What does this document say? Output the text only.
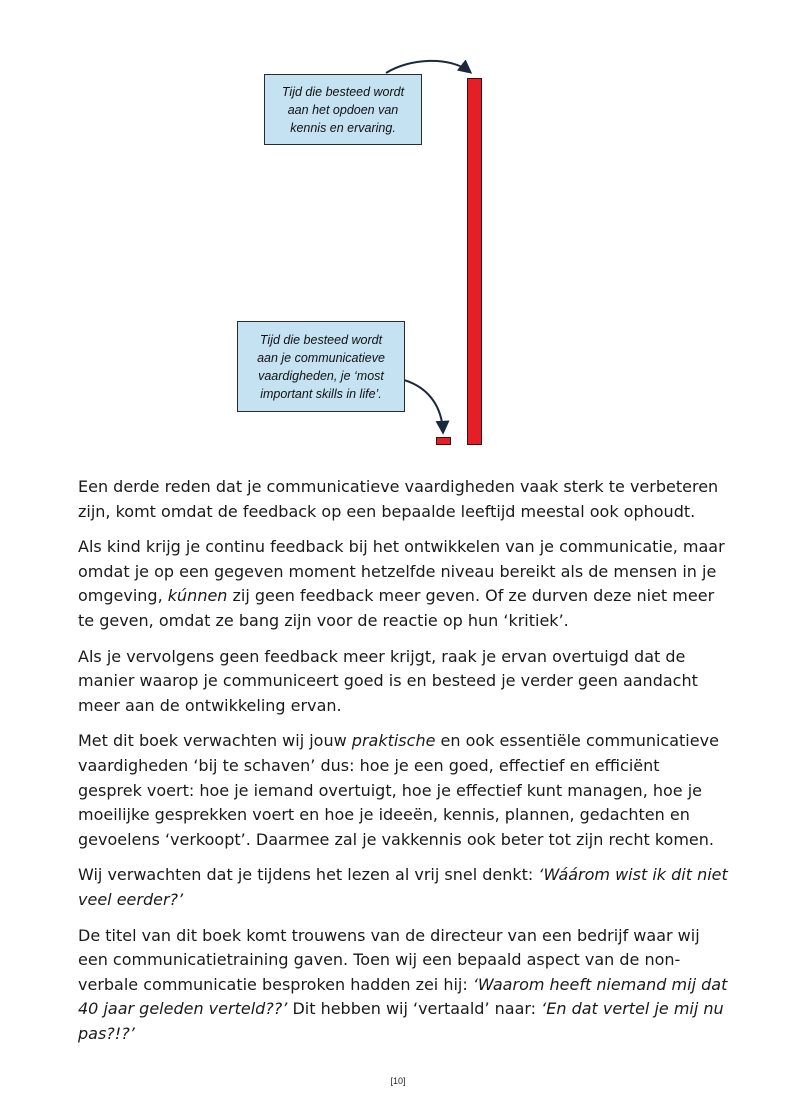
Tijd die besteed wordt
aan het opdoen van
kennis en ervaring.
Tijd die besteed wordt
aan je communicatieve
vaardigheden, je ‘most
important skills in life’.

Een derde reden dat je communicatieve vaardigheden vaak sterk te verbeteren zijn, komt omdat de feedback op een bepaalde leeftijd meestal ook ophoudt.

Als kind krijg je continu feedback bij het ontwikkelen van je communicatie, maar omdat je op een gegeven moment hetzelfde niveau bereikt als de mensen in je omgeving, kúnnen zij geen feedback meer geven. Of ze durven deze niet meer te geven, omdat ze bang zijn voor de reactie op hun ‘kritiek’.

Als je vervolgens geen feedback meer krijgt, raak je ervan overtuigd dat de manier waarop je communiceert goed is en besteed je verder geen aandacht meer aan de ontwikkeling ervan.

Met dit boek verwachten wij jouw praktische en ook essentiële communicatieve vaardigheden ‘bij te schaven’ dus: hoe je een goed, effectief en efficiënt gesprek voert: hoe je iemand overtuigt, hoe je effectief kunt managen, hoe je moeilijke gesprekken voert en hoe je ideeën, kennis, plannen, gedachten en gevoelens ‘verkoopt’. Daarmee zal je vakkennis ook beter tot zijn recht komen.

Wij verwachten dat je tijdens het lezen al vrij snel denkt: ‘Wáárom wist ik dit niet veel eerder?’

De titel van dit boek komt trouwens van de directeur van een bedrijf waar wij een communicatietraining gaven. Toen wij een bepaald aspect van de non-verbale communicatie besproken hadden zei hij: ‘Waarom heeft niemand mij dat 40 jaar geleden verteld??’ Dit hebben wij ‘vertaald’ naar: ‘En dat vertel je mij nu pas?!?’

[10]
